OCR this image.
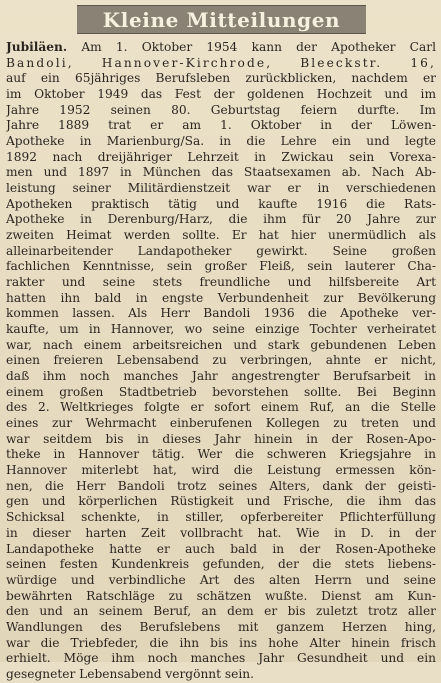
Kleine Mitteilungen
Jubiläen. Am 1. Oktober 1954 kann der Apotheker Carl
Bandoli, Hannover-Kirchrode, Bleeckstr. 16,
auf ein 65jähriges Berufsleben zurückblicken, nachdem er
im Oktober 1949 das Fest der goldenen Hochzeit und im
Jahre 1952 seinen 80. Geburtstag feiern durfte. Im
Jahre 1889 trat er am 1. Oktober in der Löwen-
Apotheke in Marienburg/Sa. in die Lehre ein und legte
1892 nach dreijähriger Lehrzeit in Zwickau sein Vorexa-
men und 1897 in München das Staatsexamen ab. Nach Ab-
leistung seiner Militärdienstzeit war er in verschiedenen
Apotheken praktisch tätig und kaufte 1916 die Rats-
Apotheke in Derenburg/Harz, die ihm für 20 Jahre zur
zweiten Heimat werden sollte. Er hat hier unermüdlich als
alleinarbeitender Landapotheker gewirkt. Seine großen
fachlichen Kenntnisse, sein großer Fleiß, sein lauterer Cha-
rakter und seine stets freundliche und hilfsbereite Art
hatten ihn bald in engste Verbundenheit zur Bevölkerung
kommen lassen. Als Herr Bandoli 1936 die Apotheke ver-
kaufte, um in Hannover, wo seine einzige Tochter verheiratet
war, nach einem arbeitsreichen und stark gebundenen Leben
einen freieren Lebensabend zu verbringen, ahnte er nicht,
daß ihm noch manches Jahr angestrengter Berufsarbeit in
einem großen Stadtbetrieb bevorstehen sollte. Bei Beginn
des 2. Weltkrieges folgte er sofort einem Ruf, an die Stelle
eines zur Wehrmacht einberufenen Kollegen zu treten und
war seitdem bis in dieses Jahr hinein in der Rosen-Apo-
theke in Hannover tätig. Wer die schweren Kriegsjahre in
Hannover miterlebt hat, wird die Leistung ermessen kön-
nen, die Herr Bandoli trotz seines Alters, dank der geisti-
gen und körperlichen Rüstigkeit und Frische, die ihm das
Schicksal schenkte, in stiller, opferbereiter Pflichterfüllung
in dieser harten Zeit vollbracht hat. Wie in D. in der
Landapotheke hatte er auch bald in der Rosen-Apotheke
seinen festen Kundenkreis gefunden, der die stets liebens-
würdige und verbindliche Art des alten Herrn und seine
bewährten Ratschläge zu schätzen wußte. Dienst am Kun-
den und an seinem Beruf, an dem er bis zuletzt trotz aller
Wandlungen des Berufslebens mit ganzem Herzen hing,
war die Triebfeder, die ihn bis ins hohe Alter hinein frisch
erhielt. Möge ihm noch manches Jahr Gesundheit und ein
gesegneter Lebensabend vergönnt sein.
